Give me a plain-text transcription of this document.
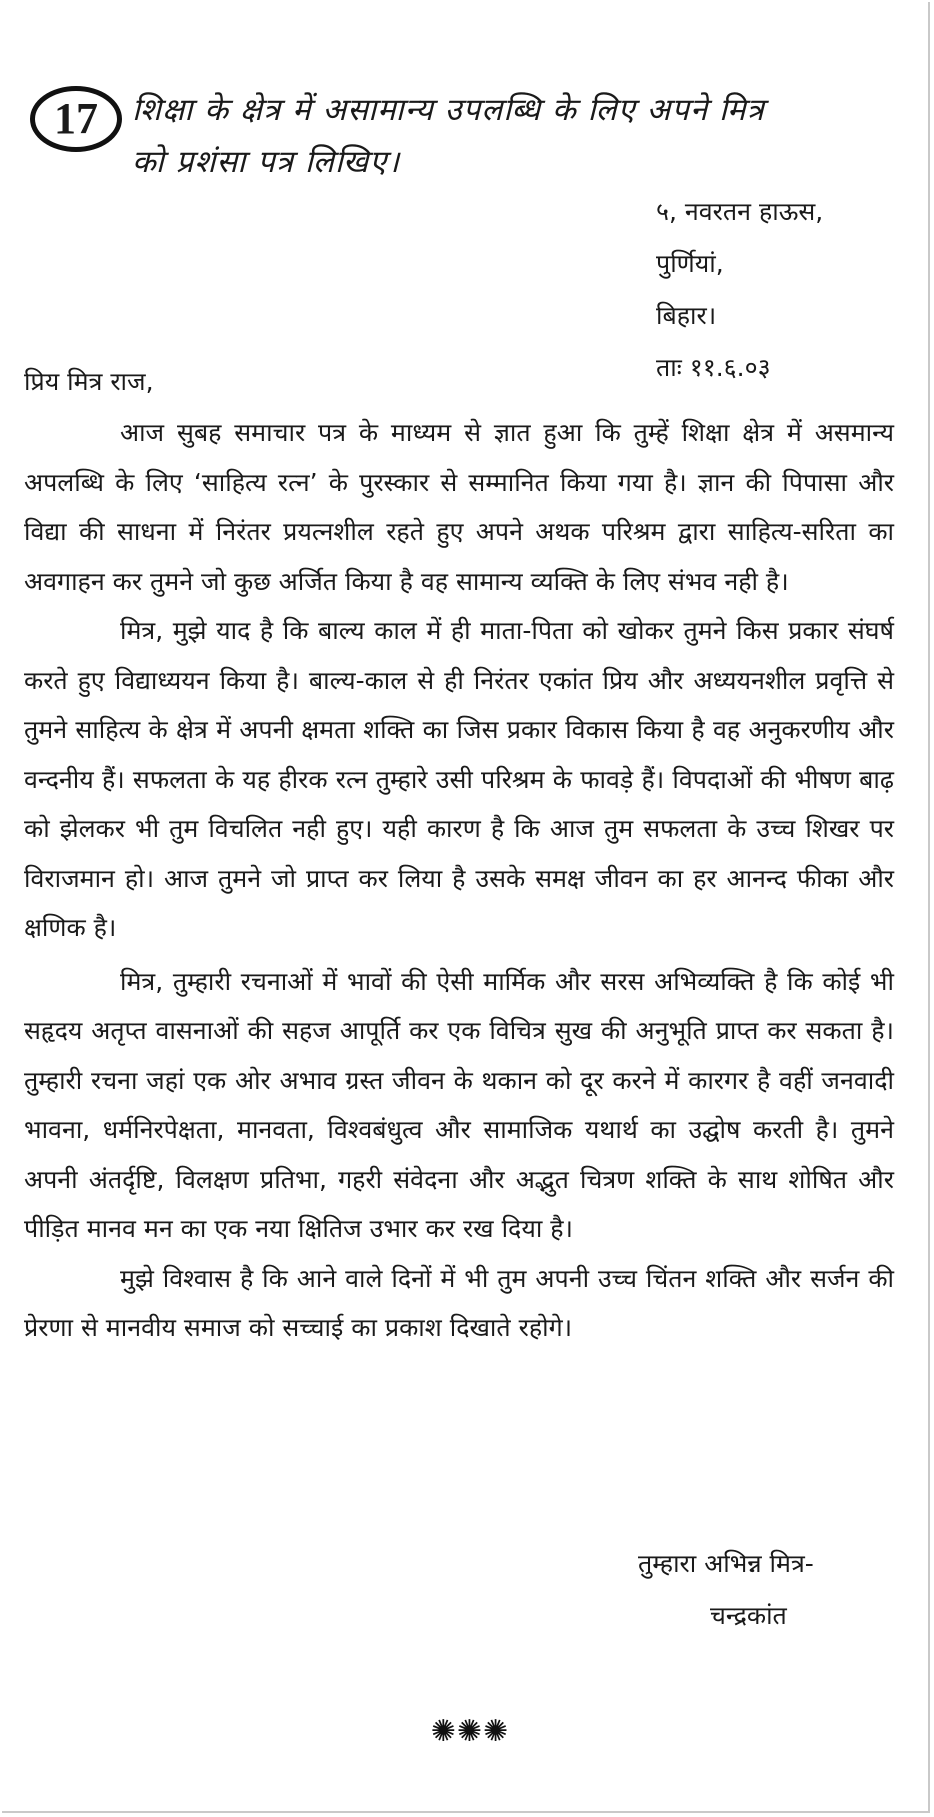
17	शिक्षा के क्षेत्र में असामान्य उपलब्धि के लिए अपने मित्र
को प्रशंसा पत्र लिखिए।
५, नवरतन हाऊस,
पुर्णियां,
बिहार।
ताः ११.६.०३
प्रिय मित्र राज,

आज सुबह समाचार पत्र के माध्यम से ज्ञात हुआ कि तुम्हें शिक्षा क्षेत्र में असमान्य अपलब्धि के लिए ‘साहित्य रत्न’ के पुरस्कार से सम्मानित किया गया है। ज्ञान की पिपासा और विद्या की साधना में निरंतर प्रयत्नशील रहते हुए अपने अथक परिश्रम द्वारा साहित्य-सरिता का अवगाहन कर तुमने जो कुछ अर्जित किया है वह सामान्य व्यक्ति के लिए संभव नही है।

मित्र, मुझे याद है कि बाल्य काल में ही माता-पिता को खोकर तुमने किस प्रकार संघर्ष करते हुए विद्याध्ययन किया है। बाल्य-काल से ही निरंतर एकांत प्रिय और अध्ययनशील प्रवृत्ति से तुमने साहित्य के क्षेत्र में अपनी क्षमता शक्ति का जिस प्रकार विकास किया है वह अनुकरणीय और वन्दनीय हैं। सफलता के यह हीरक रत्न तुम्हारे उसी परिश्रम के फावड़े हैं। विपदाओं की भीषण बाढ़ को झेलकर भी तुम विचलित नही हुए। यही कारण है कि आज तुम सफलता के उच्च शिखर पर विराजमान हो। आज तुमने जो प्राप्त कर लिया है उसके समक्ष जीवन का हर आनन्द फीका और क्षणिक है।

मित्र, तुम्हारी रचनाओं में भावों की ऐसी मार्मिक और सरस अभिव्यक्ति है कि कोई भी सहृदय अतृप्त वासनाओं की सहज आपूर्ति कर एक विचित्र सुख की अनुभूति प्राप्त कर सकता है। तुम्हारी रचना जहां एक ओर अभाव ग्रस्त जीवन के थकान को दूर करने में कारगर है वहीं जनवादी भावना, धर्मनिरपेक्षता, मानवता, विश्वबंधुत्व और सामाजिक यथार्थ का उद्घोष करती है। तुमने अपनी अंतर्दृष्टि, विलक्षण प्रतिभा, गहरी संवेदना और अद्भुत चित्रण शक्ति के साथ शोषित और पीड़ित मानव मन का एक नया क्षितिज उभार कर रख दिया है।

मुझे विश्वास है कि आने वाले दिनों में भी तुम अपनी उच्च चिंतन शक्ति और सर्जन की प्रेरणा से मानवीय समाज को सच्चाई का प्रकाश दिखाते रहोगे।

तुम्हारा अभिन्न मित्र-
चन्द्रकांत
✺✺✺
